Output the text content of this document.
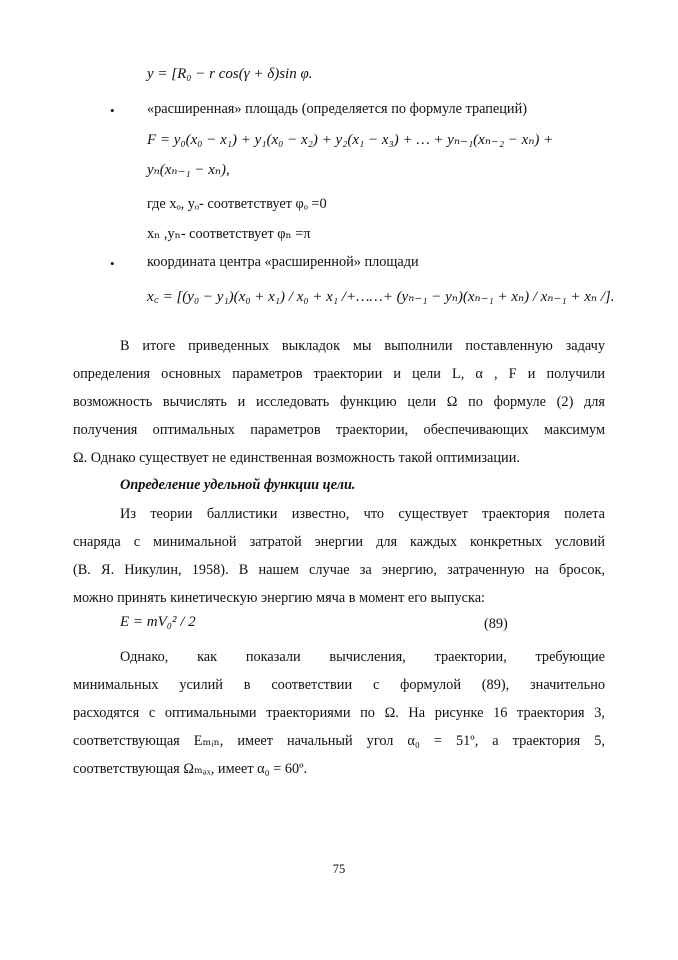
y = [R₀ − r cos(γ + δ)sin φ.
• «расширенная» площадь (определяется по формуле трапеций)
F = y₀(x₀ − x₁) + y₁(x₀ − x₂) + y₂(x₁ − x₃) + … + yₙ₋₁(xₙ₋₂ − xₙ) +
yₙ(xₙ₋₁ − xₙ),
где xₒ, yₒ- соответствует φₒ =0
xₙ ,yₙ- соответствует φₙ =π
• координата центра «расширенной» площади
x꜀ = [(y₀ − y₁)(x₀ + x₁) / x₀ + x₁ /+……+ (yₙ₋₁ − yₙ)(xₙ₋₁ + xₙ) / xₙ₋₁ + xₙ /].
В итоге приведенных выкладок мы выполнили поставленную задачу
определения основных параметров траектории и цели L, α , F и получили
возможность вычислять и исследовать функцию цели Ω по формуле (2) для
получения оптимальных параметров траектории, обеспечивающих максимум
Ω. Однако существует не единственная возможность такой оптимизации.
Определение удельной функции цели.
Из теории баллистики известно, что существует траектория полета
снаряда с минимальной затратой энергии для каждых конкретных условий
(В. Я. Никулин, 1958). В нашем случае за энергию, затраченную на бросок,
можно принять кинетическую энергию мяча в момент его выпуска:
E = mV₀² / 2	(89)
Однако, как показали вычисления, траектории, требующие
минимальных усилий в соответствии с формулой (89), значительно
расходятся с оптимальными траекториями по Ω. На рисунке 16 траектория 3,
соответствующая Eₘᵢₙ, имеет начальный угол α₀ = 51º, а траектория 5,
соответствующая Ωₘₐₓ, имеет α₀ = 60º.
75
